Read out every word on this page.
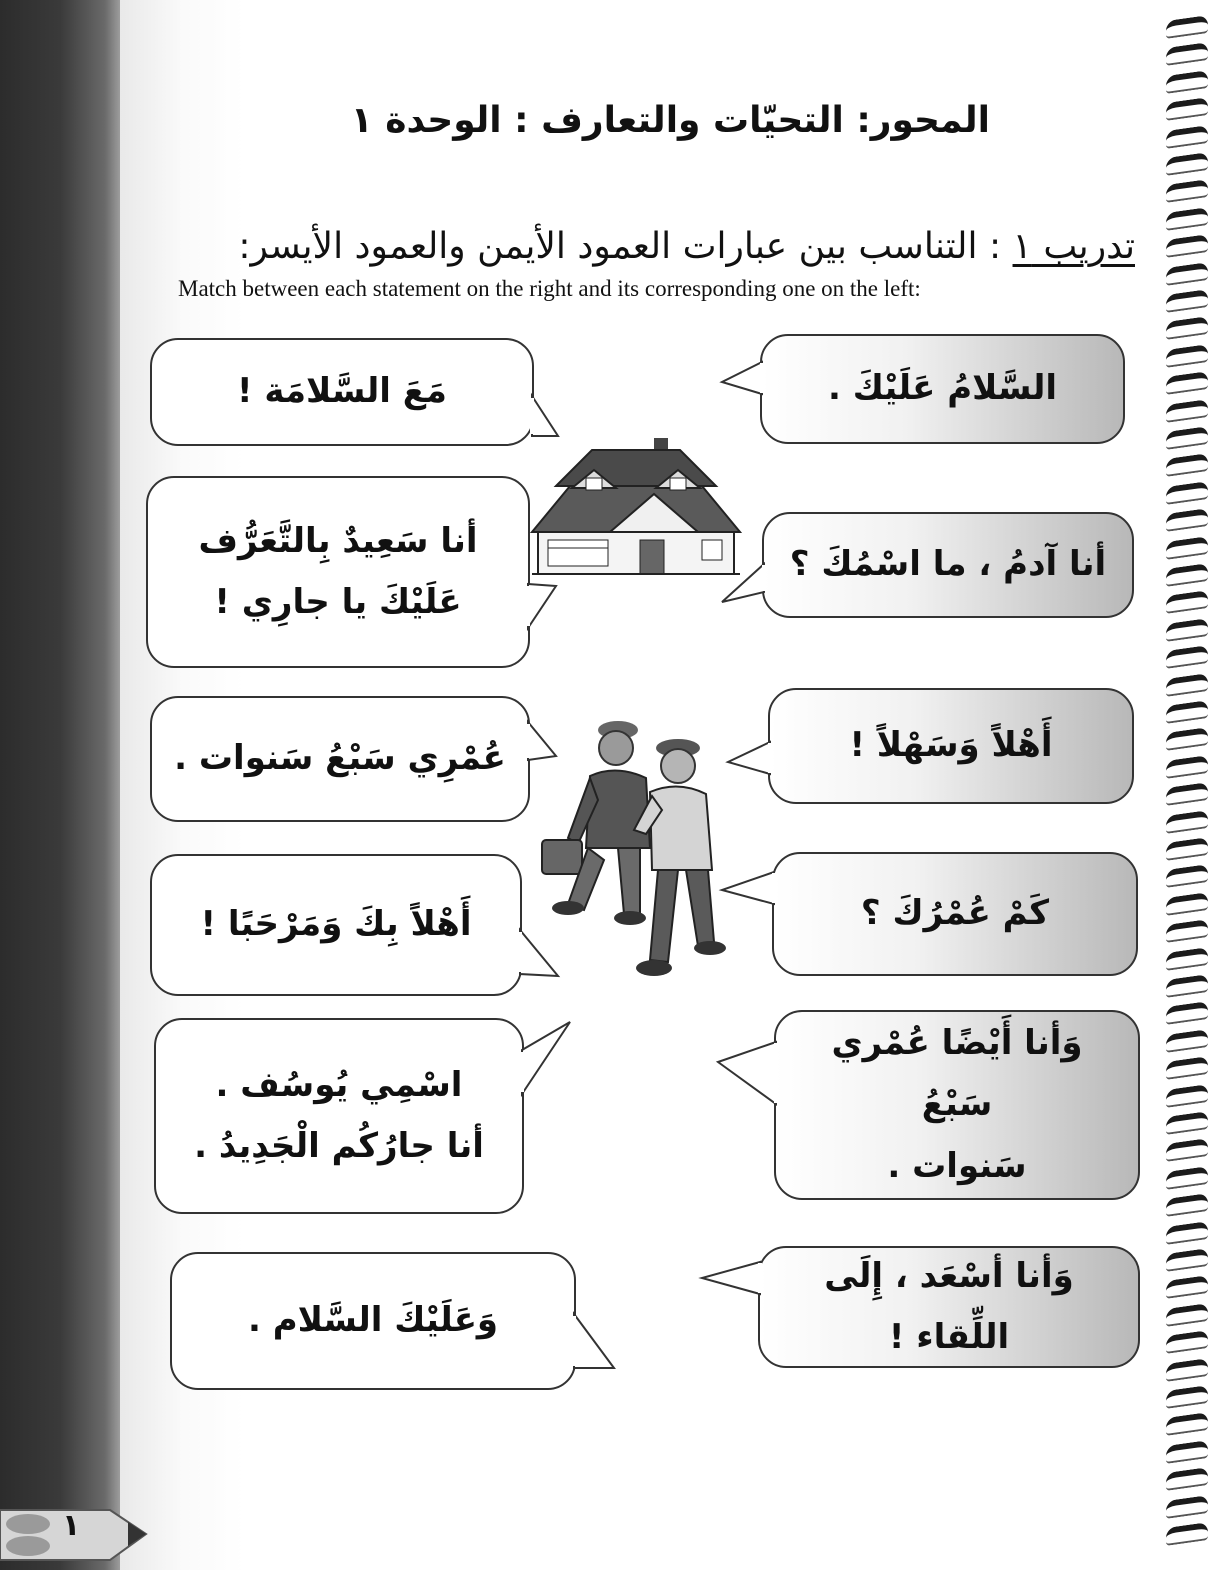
المحور: التحيّات والتعارف : الوحدة ١
تدريب ١ : التناسب بين عبارات العمود الأيمن والعمود الأيسر:
Match between each statement on the right and its corresponding one on the left:
السَّلامُ عَلَيْكَ .
أنا آدمُ ، ما اسْمُكَ ؟
أَهْلاً وَسَهْلاً !
كَمْ عُمْرُكَ ؟
وَأنا أَيْضًا عُمْري سَبْعُ
سَنوات .
وَأنا أسْعَد ، إِلَى اللِّقاء !
مَعَ السَّلامَة !
أنا سَعِيدٌ بِالتَّعَرُّف
عَلَيْكَ يا جارِي !
عُمْرِي سَبْعُ سَنوات .
أَهْلاً بِكَ وَمَرْحَبًا !
اسْمِي يُوسُف .
أنا جارُكُم الْجَدِيدُ .
وَعَلَيْكَ السَّلام .
١
